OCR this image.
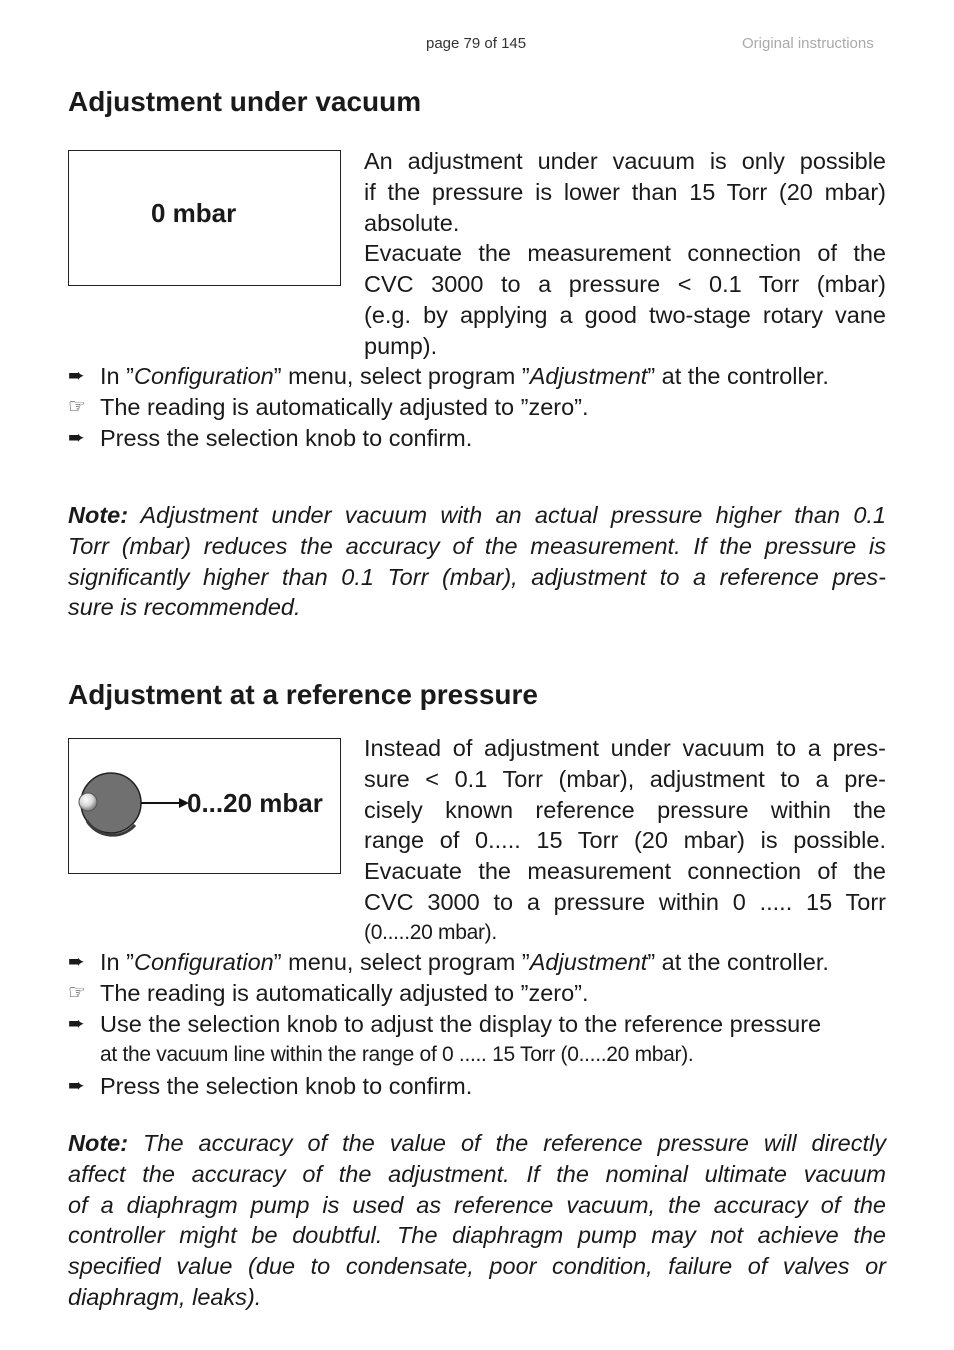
page 79 of 145	Original instructions
Adjustment under vacuum
0 mbar
An adjustment under vacuum is only possible
if the pressure is lower than 15 Torr (20 mbar)
absolute.
Evacuate the measurement connection of the
CVC 3000 to a pressure < 0.1 Torr (mbar)
(e.g. by applying a good two-stage rotary vane
pump).
➨ In ”Configuration” menu, select program ”Adjustment” at the controller.
☞ The reading is automatically adjusted to ”zero”.
➨ Press the selection knob to confirm.
Note: Adjustment under vacuum with an actual pressure higher than 0.1
Torr (mbar) reduces the accuracy of the measurement. If the pressure is
significantly higher than 0.1 Torr (mbar), adjustment to a reference pres-
sure is recommended.
Adjustment at a reference pressure
0...20 mbar
Instead of adjustment under vacuum to a pres-
sure < 0.1 Torr (mbar), adjustment to a pre-
cisely known reference pressure within the
range of 0..... 15 Torr (20 mbar) is possible.
Evacuate the measurement connection of the
CVC 3000 to a pressure within 0 ..... 15 Torr
(0.....20 mbar).
➨ In ”Configuration” menu, select program ”Adjustment” at the controller.
☞ The reading is automatically adjusted to ”zero”.
➨ Use the selection knob to adjust the display to the reference pressure
at the vacuum line within the range of 0 ..... 15 Torr (0.....20 mbar).
➨ Press the selection knob to confirm.
Note: The accuracy of the value of the reference pressure will directly
affect the accuracy of the adjustment. If the nominal ultimate vacuum
of a diaphragm pump is used as reference vacuum, the accuracy of the
controller might be doubtful. The diaphragm pump may not achieve the
specified value (due to condensate, poor condition, failure of valves or
diaphragm, leaks).
